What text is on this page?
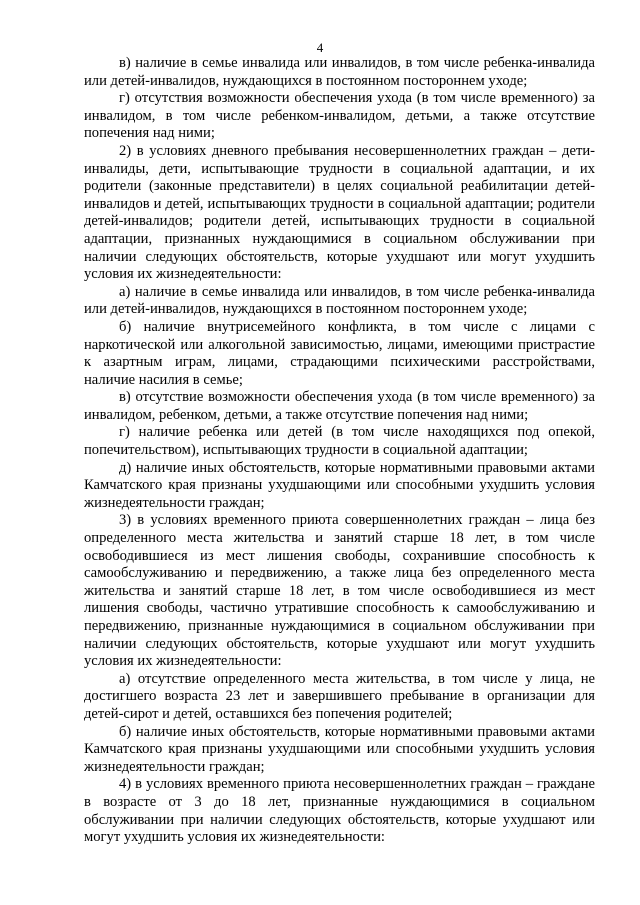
4

в) наличие в семье инвалида или инвалидов, в том числе ребенка-инвалида или детей-инвалидов, нуждающихся в постоянном постороннем уходе;

г) отсутствия возможности обеспечения ухода (в том числе временного) за инвалидом, в том числе ребенком-инвалидом, детьми, а также отсутствие попечения над ними;

2) в условиях дневного пребывания несовершеннолетних граждан – дети-инвалиды, дети, испытывающие трудности в социальной адаптации, и их родители (законные представители) в целях социальной реабилитации детей-инвалидов и детей, испытывающих трудности в социальной адаптации; родители детей-инвалидов; родители детей, испытывающих трудности в социальной адаптации, признанных нуждающимися в социальном обслуживании при наличии следующих обстоятельств, которые ухудшают или могут ухудшить условия их жизнедеятельности:

а) наличие в семье инвалида или инвалидов, в том числе ребенка-инвалида или детей-инвалидов, нуждающихся в постоянном постороннем уходе;

б) наличие внутрисемейного конфликта, в том числе с лицами с наркотической или алкогольной зависимостью, лицами, имеющими пристрастие к азартным играм, лицами, страдающими психическими расстройствами, наличие насилия в семье;

в) отсутствие возможности обеспечения ухода (в том числе временного) за инвалидом, ребенком, детьми, а также отсутствие попечения над ними;

г) наличие ребенка или детей (в том числе находящихся под опекой, попечительством), испытывающих трудности в социальной адаптации;

д) наличие иных обстоятельств, которые нормативными правовыми актами Камчатского края признаны ухудшающими или способными ухудшить условия жизнедеятельности граждан;

3) в условиях временного приюта совершеннолетних граждан – лица без определенного места жительства и занятий старше 18 лет, в том числе освободившиеся из мест лишения свободы, сохранившие способность к самообслуживанию и передвижению, а также лица без определенного места жительства и занятий старше 18 лет, в том числе освободившиеся из мест лишения свободы, частично утратившие способность к самообслуживанию и передвижению, признанные нуждающимися в социальном обслуживании при наличии следующих обстоятельств, которые ухудшают или могут ухудшить условия их жизнедеятельности:

а) отсутствие определенного места жительства, в том числе у лица, не достигшего возраста 23 лет и завершившего пребывание в организации для детей-сирот и детей, оставшихся без попечения родителей;

б) наличие иных обстоятельств, которые нормативными правовыми актами Камчатского края признаны ухудшающими или способными ухудшить условия жизнедеятельности граждан;

4) в условиях временного приюта несовершеннолетних граждан – граждане в возрасте от 3 до 18 лет, признанные нуждающимися в социальном обслуживании при наличии следующих обстоятельств, которые ухудшают или могут ухудшить условия их жизнедеятельности:
